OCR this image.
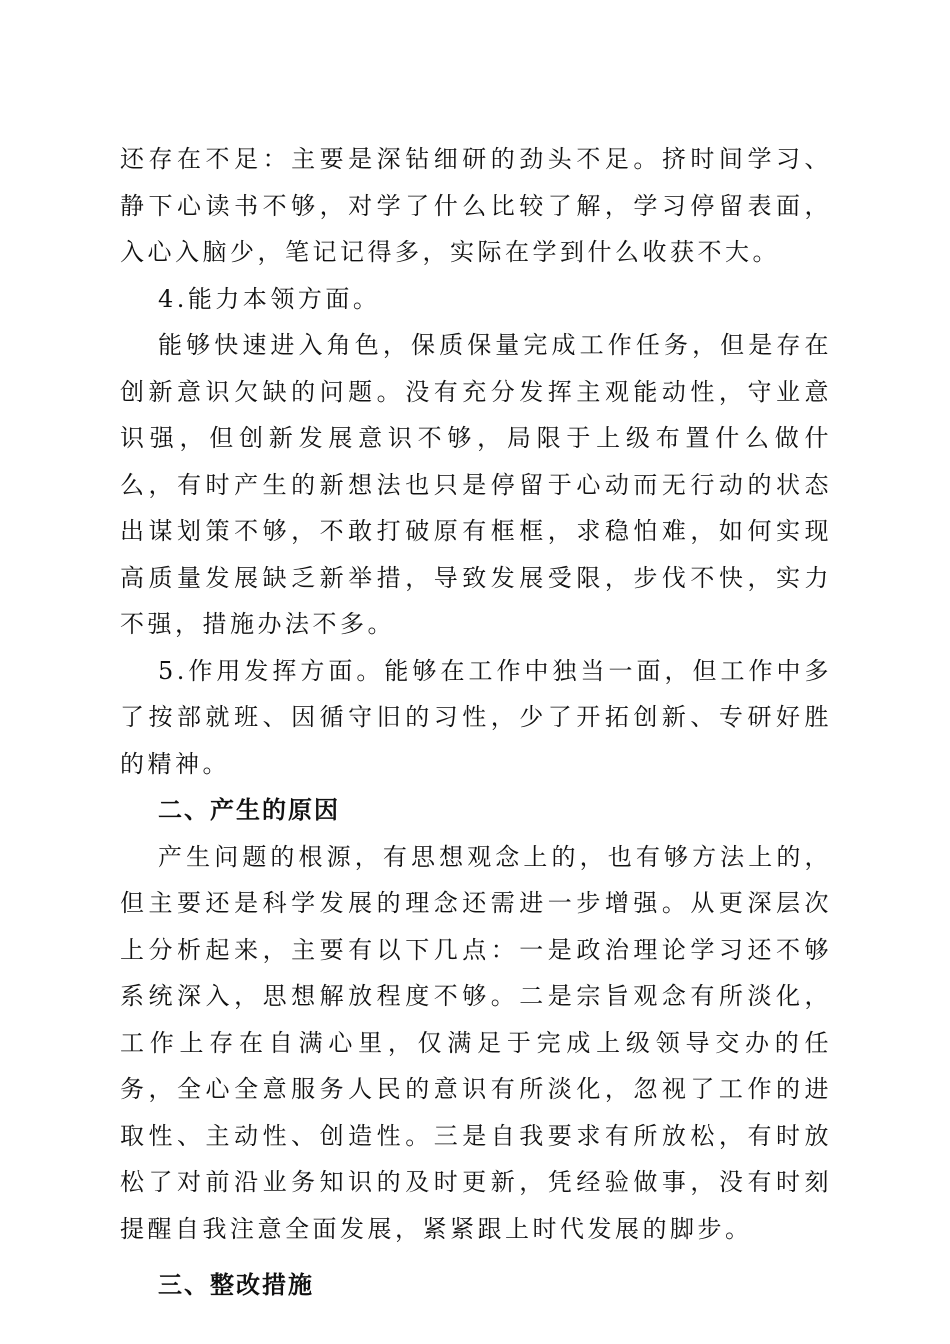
还存在不足：主要是深钻细研的劲头不足。挤时间学习、静下心读书不够，对学了什么比较了解，学习停留表面，入心入脑少，笔记记得多，实际在学到什么收获不大。

4.能力本领方面。

能够快速进入角色，保质保量完成工作任务，但是存在创新意识欠缺的问题。没有充分发挥主观能动性，守业意识强，但创新发展意识不够，局限于上级布置什么做什么，有时产生的新想法也只是停留于心动而无行动的状态出谋划策不够，不敢打破原有框框，求稳怕难，如何实现高质量发展缺乏新举措，导致发展受限，步伐不快，实力不强，措施办法不多。

5.作用发挥方面。能够在工作中独当一面，但工作中多了按部就班、因循守旧的习性，少了开拓创新、专研好胜的精神。

二、产生的原因

产生问题的根源，有思想观念上的，也有够方法上的，但主要还是科学发展的理念还需进一步增强。从更深层次上分析起来，主要有以下几点：一是政治理论学习还不够系统深入，思想解放程度不够。二是宗旨观念有所淡化，工作上存在自满心里，仅满足于完成上级领导交办的任务，全心全意服务人民的意识有所淡化，忽视了工作的进取性、主动性、创造性。三是自我要求有所放松，有时放松了对前沿业务知识的及时更新，凭经验做事，没有时刻提醒自我注意全面发展，紧紧跟上时代发展的脚步。

三、整改措施
